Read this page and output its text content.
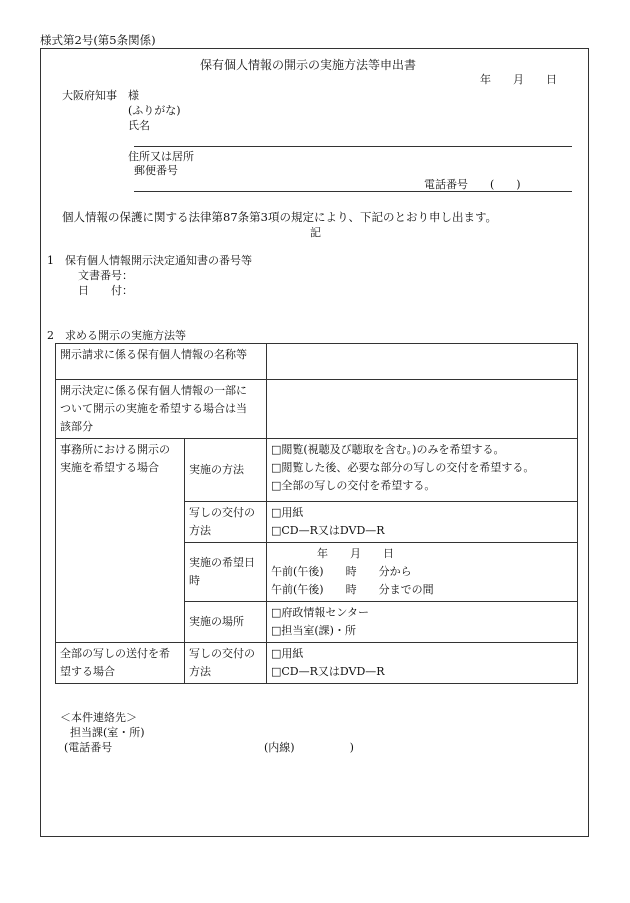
様式第2号(第5条関係)
保有個人情報の開示の実施方法等申出書
年　　月　　日
大阪府知事　様
(ふりがな)
氏名
住所又は居所
郵便番号
電話番号　　(　　)
個人情報の保護に関する法律第87条第3項の規定により、下記のとおり申し出ます。
記
1　保有個人情報開示決定通知書の番号等
文書番号：
日　　付：
2　求める開示の実施方法等
開示請求に係る保有個人情報の名称等		

開示決定に係る保有個人情報の一部に
ついて開示の実施を希望する場合は当
該部分		

事務所における開示の
実施を希望する場合	実施の方法	□閲覧(視聴及び聴取を含む。)のみを希望する。
□閲覧した後、必要な部分の写しの交付を希望する。
□全部の写しの交付を希望する。

	写しの交付の
方法	□用紙
□CD—R又はDVD—R

	実施の希望日
時	年　　月　　日
午前(午後)　　時　　分から
午前(午後)　　時　　分までの間

	実施の場所	□府政情報センター
□担当室(課)・所

全部の写しの送付を希
望する場合	写しの交付の
方法	□用紙
□CD—R又はDVD—R
＜本件連絡先＞
担当課(室・所)
(電話番号	(内線)　　　　　)
